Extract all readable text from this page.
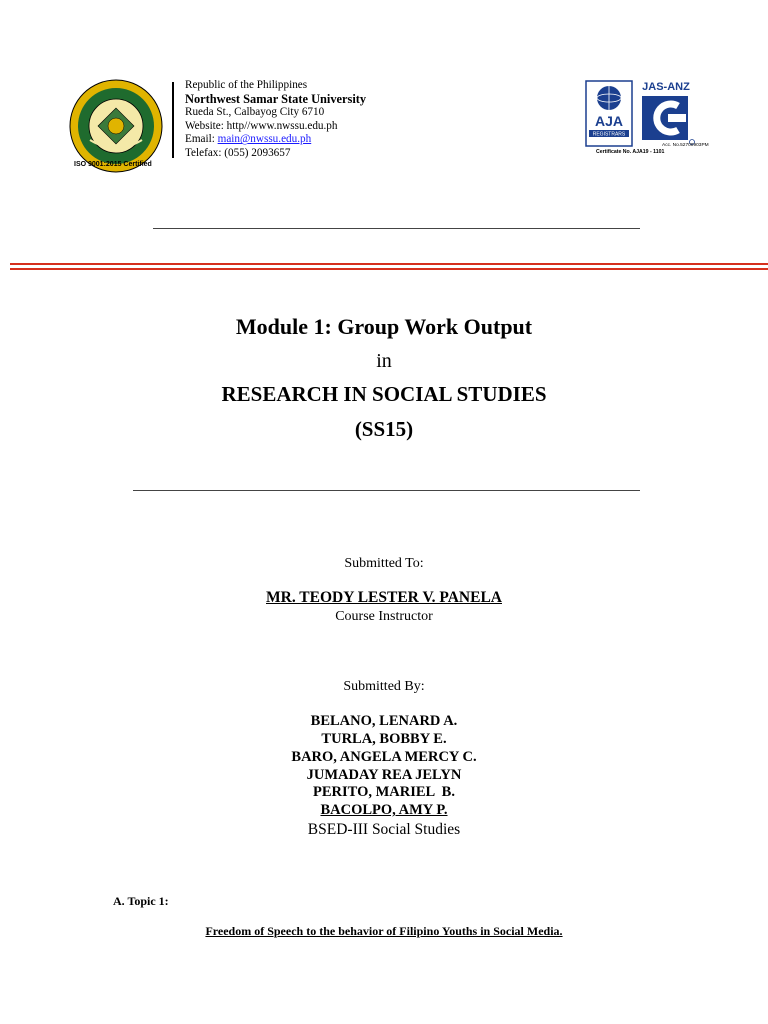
ISO 9001:2015 Certified
Republic of the Philippines
Northwest Samar State University
Rueda St., Calbayog City 6710
Website: http//www.nwssu.edu.ph
Email: main@nwssu.edu.ph
Telefax: (055) 2093657
AJA
REGISTRARS
JAS-ANZ
Acc. No.52700903PM
Certificate No. AJA19 - 1101
Module 1: Group Work Output
in
RESEARCH IN SOCIAL STUDIES
(SS15)
Submitted To:
MR. TEODY LESTER V. PANELA
Course Instructor
Submitted By:
BELANO, LENARD A.
TURLA, BOBBY E.
BARO, ANGELA MERCY C.
JUMADAY REA JELYN
PERITO, MARIEL  B.
BACOLPO, AMY P.
BSED-III Social Studies
A. Topic 1:
Freedom of Speech to the behavior of Filipino Youths in Social Media.
